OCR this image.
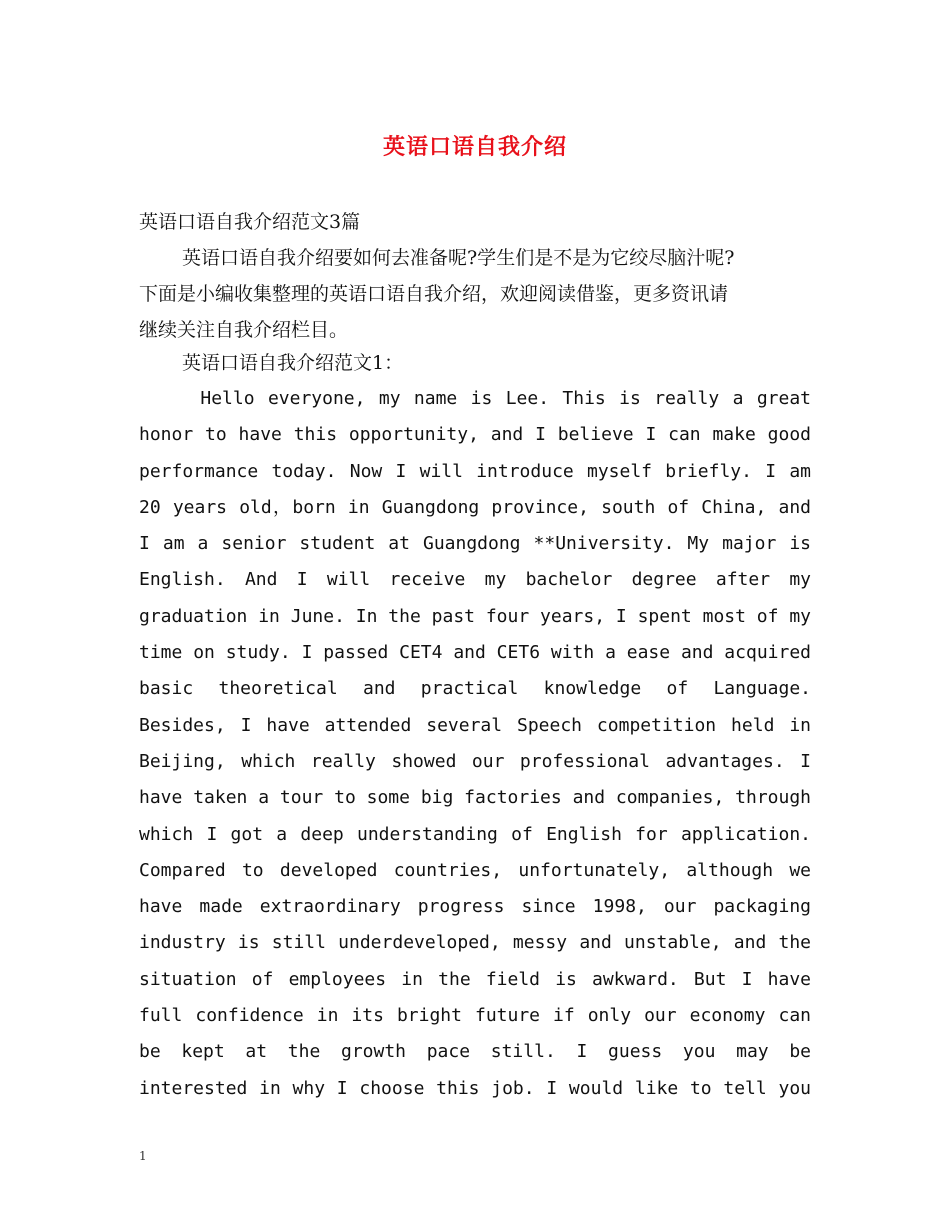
英语口语自我介绍

英语口语自我介绍范文3篇

英语口语自我介绍要如何去准备呢?学生们是不是为它绞尽脑汁呢?
下面是小编收集整理的英语口语自我介绍，欢迎阅读借鉴，更多资讯请
继续关注自我介绍栏目。

英语口语自我介绍范文1：

Hello everyone, my name is Lee. This is really a great
honor to have this opportunity, and I believe I can make good
performance today. Now I will introduce myself briefly. I am
20 years old，born in Guangdong province, south of China, and
I am a senior student at Guangdong **University. My major is
English. And I will receive my bachelor degree after my
graduation in June. In the past four years, I spent most of my
time on study. I passed CET4 and CET6 with a ease and acquired
basic theoretical and practical knowledge of Language.
Besides, I have attended several Speech competition held in
Beijing, which really showed our professional advantages. I
have taken a tour to some big factories and companies, through
which I got a deep understanding of English for application.
Compared to developed countries, unfortunately, although we
have made extraordinary progress since 1998, our packaging
industry is still underdeveloped, messy and unstable, and the
situation of employees in the field is awkward. But I have
full confidence in its bright future if only our economy can
be kept at the growth pace still. I guess you may be
interested in why I choose this job. I would like to tell you
1
